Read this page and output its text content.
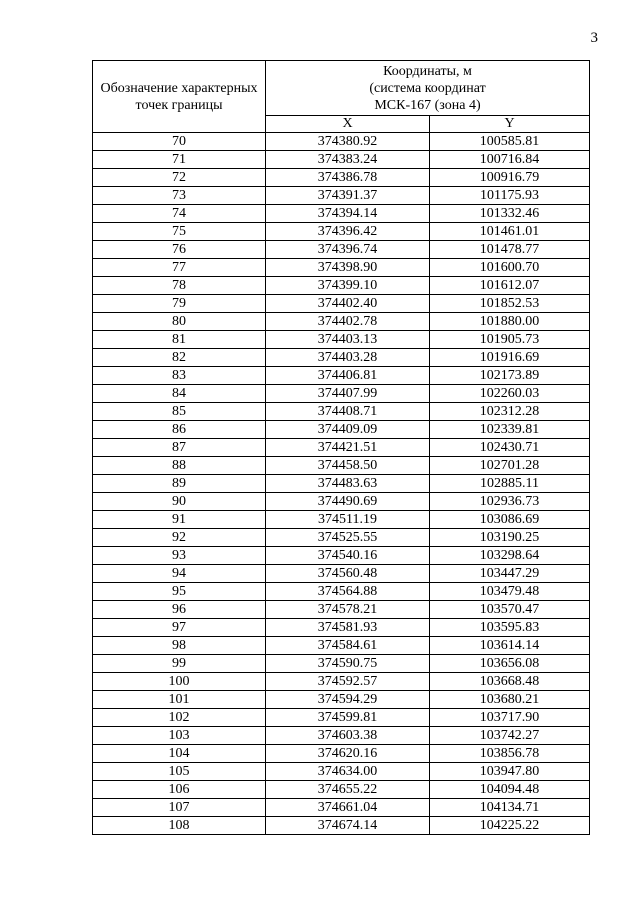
3
Обозначение характерных точек границы	Координаты, м
(система координат
МСК-167 (зона 4)	
	X	Y
70	374380.92	100585.81
71	374383.24	100716.84
72	374386.78	100916.79
73	374391.37	101175.93
74	374394.14	101332.46
75	374396.42	101461.01
76	374396.74	101478.77
77	374398.90	101600.70
78	374399.10	101612.07
79	374402.40	101852.53
80	374402.78	101880.00
81	374403.13	101905.73
82	374403.28	101916.69
83	374406.81	102173.89
84	374407.99	102260.03
85	374408.71	102312.28
86	374409.09	102339.81
87	374421.51	102430.71
88	374458.50	102701.28
89	374483.63	102885.11
90	374490.69	102936.73
91	374511.19	103086.69
92	374525.55	103190.25
93	374540.16	103298.64
94	374560.48	103447.29
95	374564.88	103479.48
96	374578.21	103570.47
97	374581.93	103595.83
98	374584.61	103614.14
99	374590.75	103656.08
100	374592.57	103668.48
101	374594.29	103680.21
102	374599.81	103717.90
103	374603.38	103742.27
104	374620.16	103856.78
105	374634.00	103947.80
106	374655.22	104094.48
107	374661.04	104134.71
108	374674.14	104225.22
